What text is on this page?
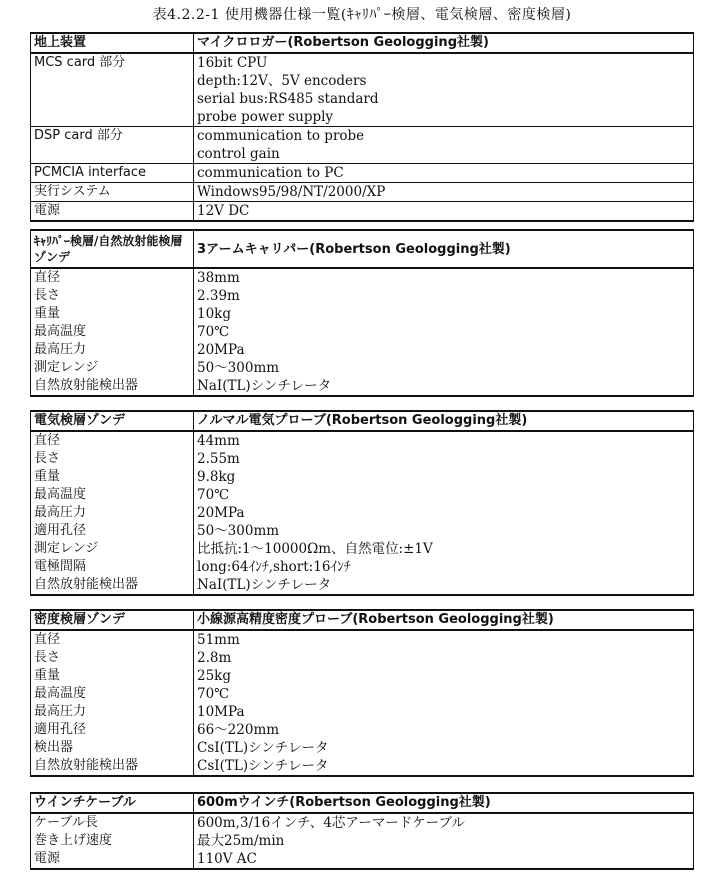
表4.2.2-1 使用機器仕様一覧(ｷｬﾘﾊﾟｰ検層、電気検層、密度検層)
地上装置	マイクロロガー(Robertson Geologging社製)
MCS card 部分	16bit CPU
	depth:12V、5V encoders
	serial bus:RS485 standard
	probe power supply
DSP card 部分	communication to probe
	control gain
PCMCIA interface	communication to PC
実行システム	Windows95/98/NT/2000/XP
電源	12V DC
ｷｬﾘﾊﾟｰ検層/自然放射能検層ゾンデ	3アームキャリパー(Robertson Geologging社製)
直径	38mm
長さ	2.39m
重量	10kg
最高温度	70℃
最高圧力	20MPa
測定レンジ	50～300mm
自然放射能検出器	NaI(TL)シンチレータ
電気検層ゾンデ	ノルマル電気プローブ(Robertson Geologging社製)
直径	44mm
長さ	2.55m
重量	9.8kg
最高温度	70℃
最高圧力	20MPa
適用孔径	50～300mm
測定レンジ	比抵抗:1～10000Ωm、自然電位:±1V
電極間隔	long:64ｲﾝﾁ,short:16ｲﾝﾁ
自然放射能検出器	NaI(TL)シンチレータ
密度検層ゾンデ	小線源高精度密度プローブ(Robertson Geologging社製)
直径	51mm
長さ	2.8m
重量	25kg
最高温度	70℃
最高圧力	10MPa
適用孔径	66～220mm
検出器	CsI(TL)シンチレータ
自然放射能検出器	CsI(TL)シンチレータ
ウインチケーブル	600mウインチ(Robertson Geologging社製)
ケーブル長	600m,3/16インチ、4芯アーマードケーブル
巻き上げ速度	最大25m/min
電源	110V AC
